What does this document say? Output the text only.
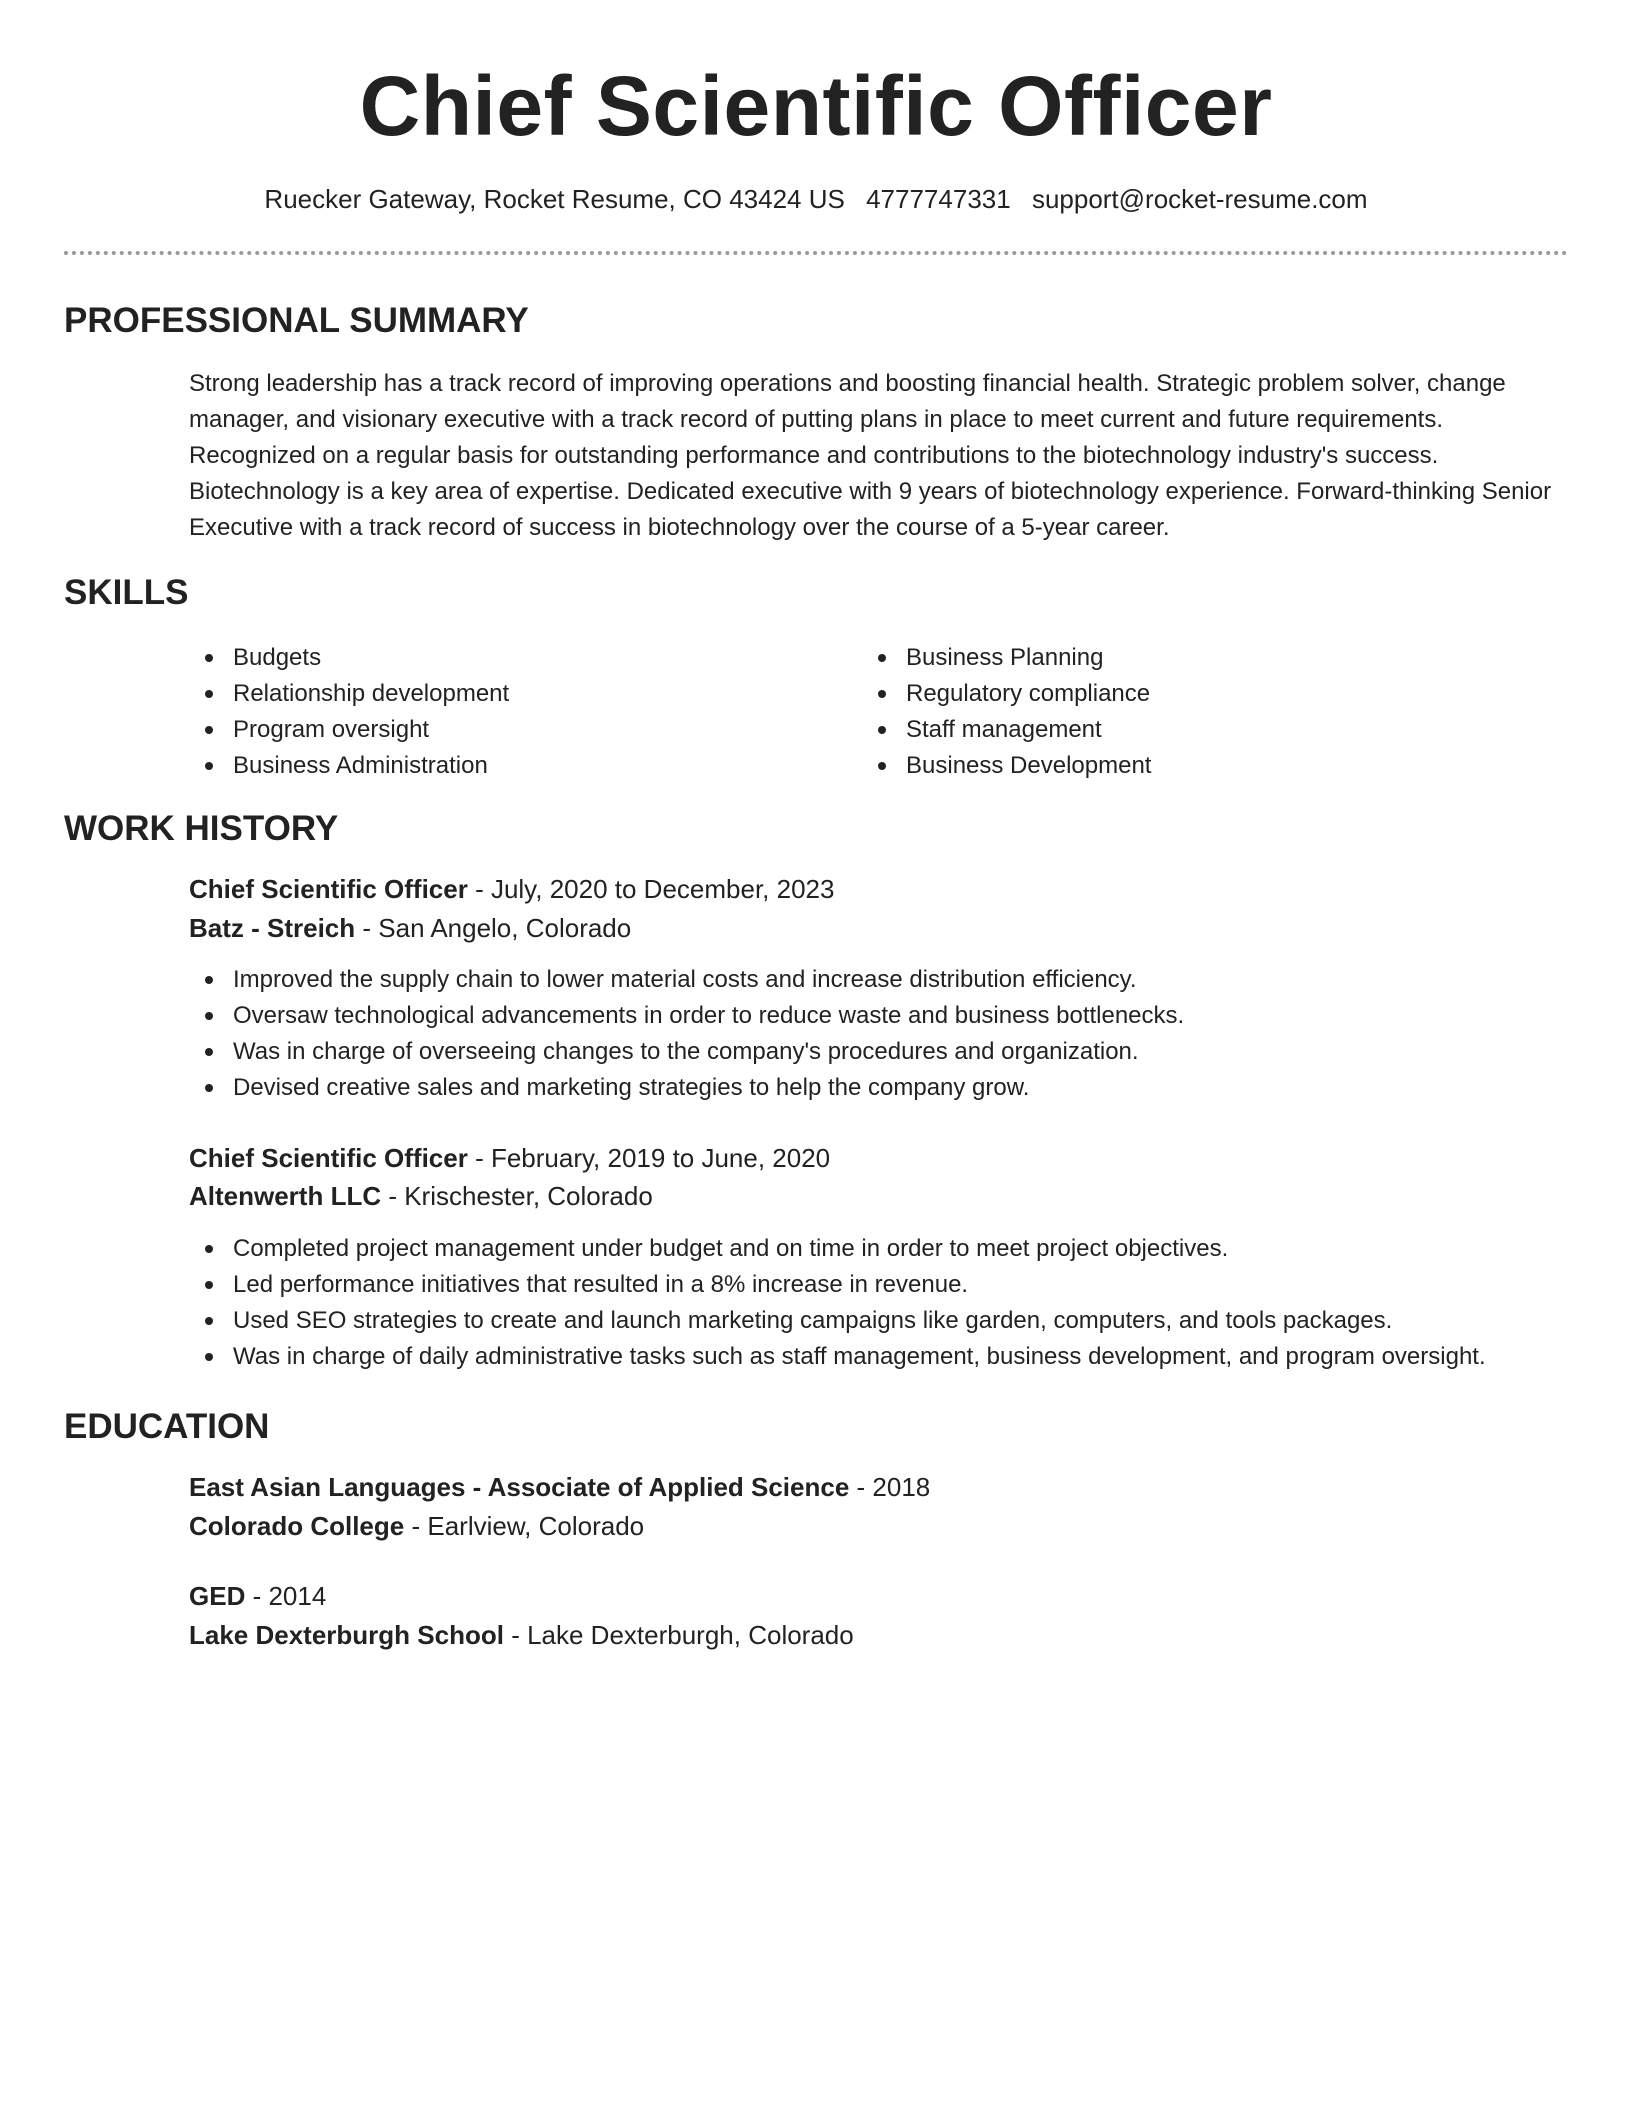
Chief Scientific Officer
Ruecker Gateway, Rocket Resume, CO 43424 US 4777747331 support@rocket-resume.com
PROFESSIONAL SUMMARY

Strong leadership has a track record of improving operations and boosting financial health. Strategic problem solver, change manager, and visionary executive with a track record of putting plans in place to meet current and future requirements. Recognized on a regular basis for outstanding performance and contributions to the biotechnology industry's success. Biotechnology is a key area of expertise. Dedicated executive with 9 years of biotechnology experience. Forward-thinking Senior Executive with a track record of success in biotechnology over the course of a 5-year career.

SKILLS
Budgets
Relationship development
Program oversight
Business Administration
Business Planning
Regulatory compliance
Staff management
Business Development
WORK HISTORY
Chief Scientific Officer - July, 2020 to December, 2023
Batz - Streich - San Angelo, Colorado
Improved the supply chain to lower material costs and increase distribution efficiency.
Oversaw technological advancements in order to reduce waste and business bottlenecks.
Was in charge of overseeing changes to the company's procedures and organization.
Devised creative sales and marketing strategies to help the company grow.
Chief Scientific Officer - February, 2019 to June, 2020
Altenwerth LLC - Krischester, Colorado
Completed project management under budget and on time in order to meet project objectives.
Led performance initiatives that resulted in a 8% increase in revenue.
Used SEO strategies to create and launch marketing campaigns like garden, computers, and tools packages.
Was in charge of daily administrative tasks such as staff management, business development, and program oversight.
EDUCATION
East Asian Languages - Associate of Applied Science - 2018
Colorado College - Earlview, Colorado
GED - 2014
Lake Dexterburgh School - Lake Dexterburgh, Colorado
